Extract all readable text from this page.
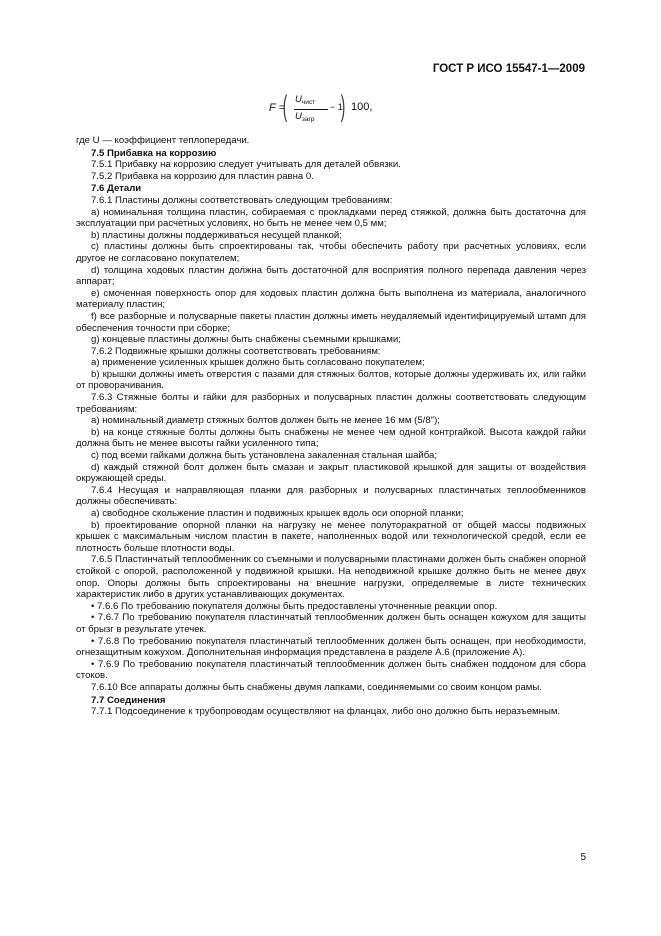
ГОСТ Р ИСО 15547-1—2009
F =
( $U_{чист}$
$U_{загр}$
− 1
) 100,

где U — коэффициент теплопередачи.

7.5 Прибавка на коррозию

7.5.1 Прибавку на коррозию следует учитывать для деталей обвязки.

7.5.2 Прибавка на коррозию для пластин равна 0.

7.6 Детали

7.6.1 Пластины должны соответствовать следующим требованиям:

a) номинальная толщина пластин, собираемая с прокладками перед стяжкой, должна быть достаточна для эксплуатации при расчетных условиях, но быть не менее чем 0,5 мм;

b) пластины должны поддерживаться несущей планкой;

c) пластины должны быть спроектированы так, чтобы обеспечить работу при расчетных условиях, если другое не согласовано покупателем;

d) толщина ходовых пластин должна быть достаточной для восприятия полного перепада давления через аппарат;

e) смоченная поверхность опор для ходовых пластин должна быть выполнена из материала, аналогичного материалу пластин;

f) все разборные и полусварные пакеты пластин должны иметь неудаляемый идентифицируемый штамп для обеспечения точности при сборке;

g) концевые пластины должны быть снабжены съемными крышками;

7.6.2 Подвижные крышки должны соответствовать требованиям:

a) применение усиленных крышек должно быть согласовано покупателем;

b) крышки должны иметь отверстия с пазами для стяжных болтов, которые должны удерживать их, или гайки от проворачивания.

7.6.3 Стяжные болты и гайки для разборных и полусварных пластин должны соответствовать следующим требованиям:

a) номинальный диаметр стяжных болтов должен быть не менее 16 мм (5/8″);

b) на конце стяжные болты должны быть снабжены не менее чем одной контргайкой. Высота каждой гайки должна быть не менее высоты гайки усиленного типа;

c) под всеми гайками должна быть установлена закаленная стальная шайба;

d) каждый стяжной болт должен быть смазан и закрыт пластиковой крышкой для защиты от воздействия окружающей среды.

7.6.4 Несущая и направляющая планки для разборных и полусварных пластинчатых теплообменников должны обеспечивать:

a) свободное скольжение пластин и подвижных крышек вдоль оси опорной планки;

b) проектирование опорной планки на нагрузку не менее полуторакратной от общей массы подвижных крышек с максимальным числом пластин в пакете, наполненных водой или технологической средой, если ее плотность больше плотности воды.

7.6.5 Пластинчатый теплообменник со съемными и полусварными пластинами должен быть снабжен опорной стойкой с опорой, расположенной у подвижной крышки. На неподвижной крышке должно быть не менее двух опор. Опоры должны быть спроектированы на внешние нагрузки, определяемые в листе технических характеристик либо в других устанавливающих документах.

• 7.6.6 По требованию покупателя должны быть предоставлены уточненные реакции опор.

• 7.6.7 По требованию покупателя пластинчатый теплообменник должен быть оснащен кожухом для защиты от брызг в результате утечек.

• 7.6.8 По требованию покупателя пластинчатый теплообменник должен быть оснащен, при необходимости, огнезащитным кожухом. Дополнительная информация представлена в разделе А.6 (приложение А).

• 7.6.9 По требованию покупателя пластинчатый теплообменник должен быть снабжен поддоном для сбора стоков.

7.6.10 Все аппараты должны быть снабжены двумя лапками, соединяемыми со своим концом рамы.

7.7 Соединения

7.7.1 Подсоединение к трубопроводам осуществляют на фланцах, либо оно должно быть неразъемным.

5
